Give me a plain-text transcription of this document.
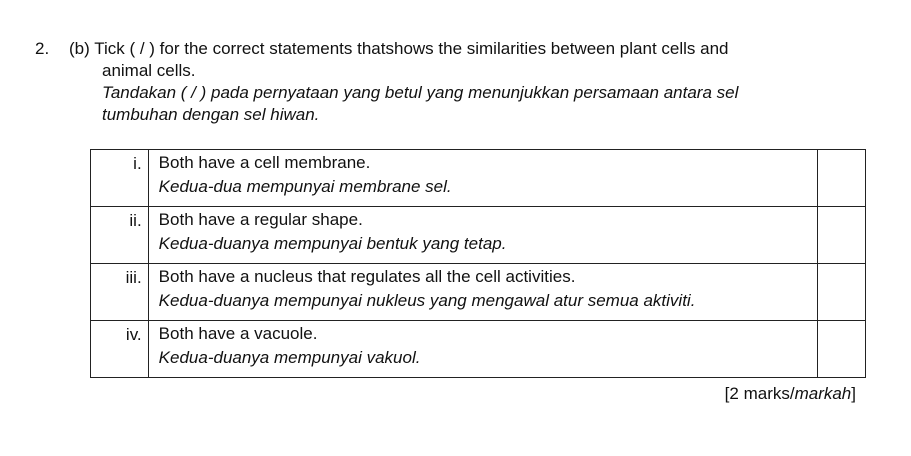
2. (b) Tick ( / ) for the correct statements thatshows the similarities between plant cells and
animal cells.
Tandakan ( / ) pada pernyataan yang betul yang menunjukkan persamaan antara sel
tumbuhan dengan sel hiwan.
i.	Both have a cell membrane.
Kedua-dua mempunyai membrane sel.	

ii.	Both have a regular shape.
Kedua-duanya mempunyai bentuk yang tetap.	

iii.	Both have a nucleus that regulates all the cell activities.
Kedua-duanya mempunyai nukleus yang mengawal atur semua aktiviti.	

iv.	Both have a vacuole.
Kedua-duanya mempunyai vakuol.	

[2 marks/markah]
